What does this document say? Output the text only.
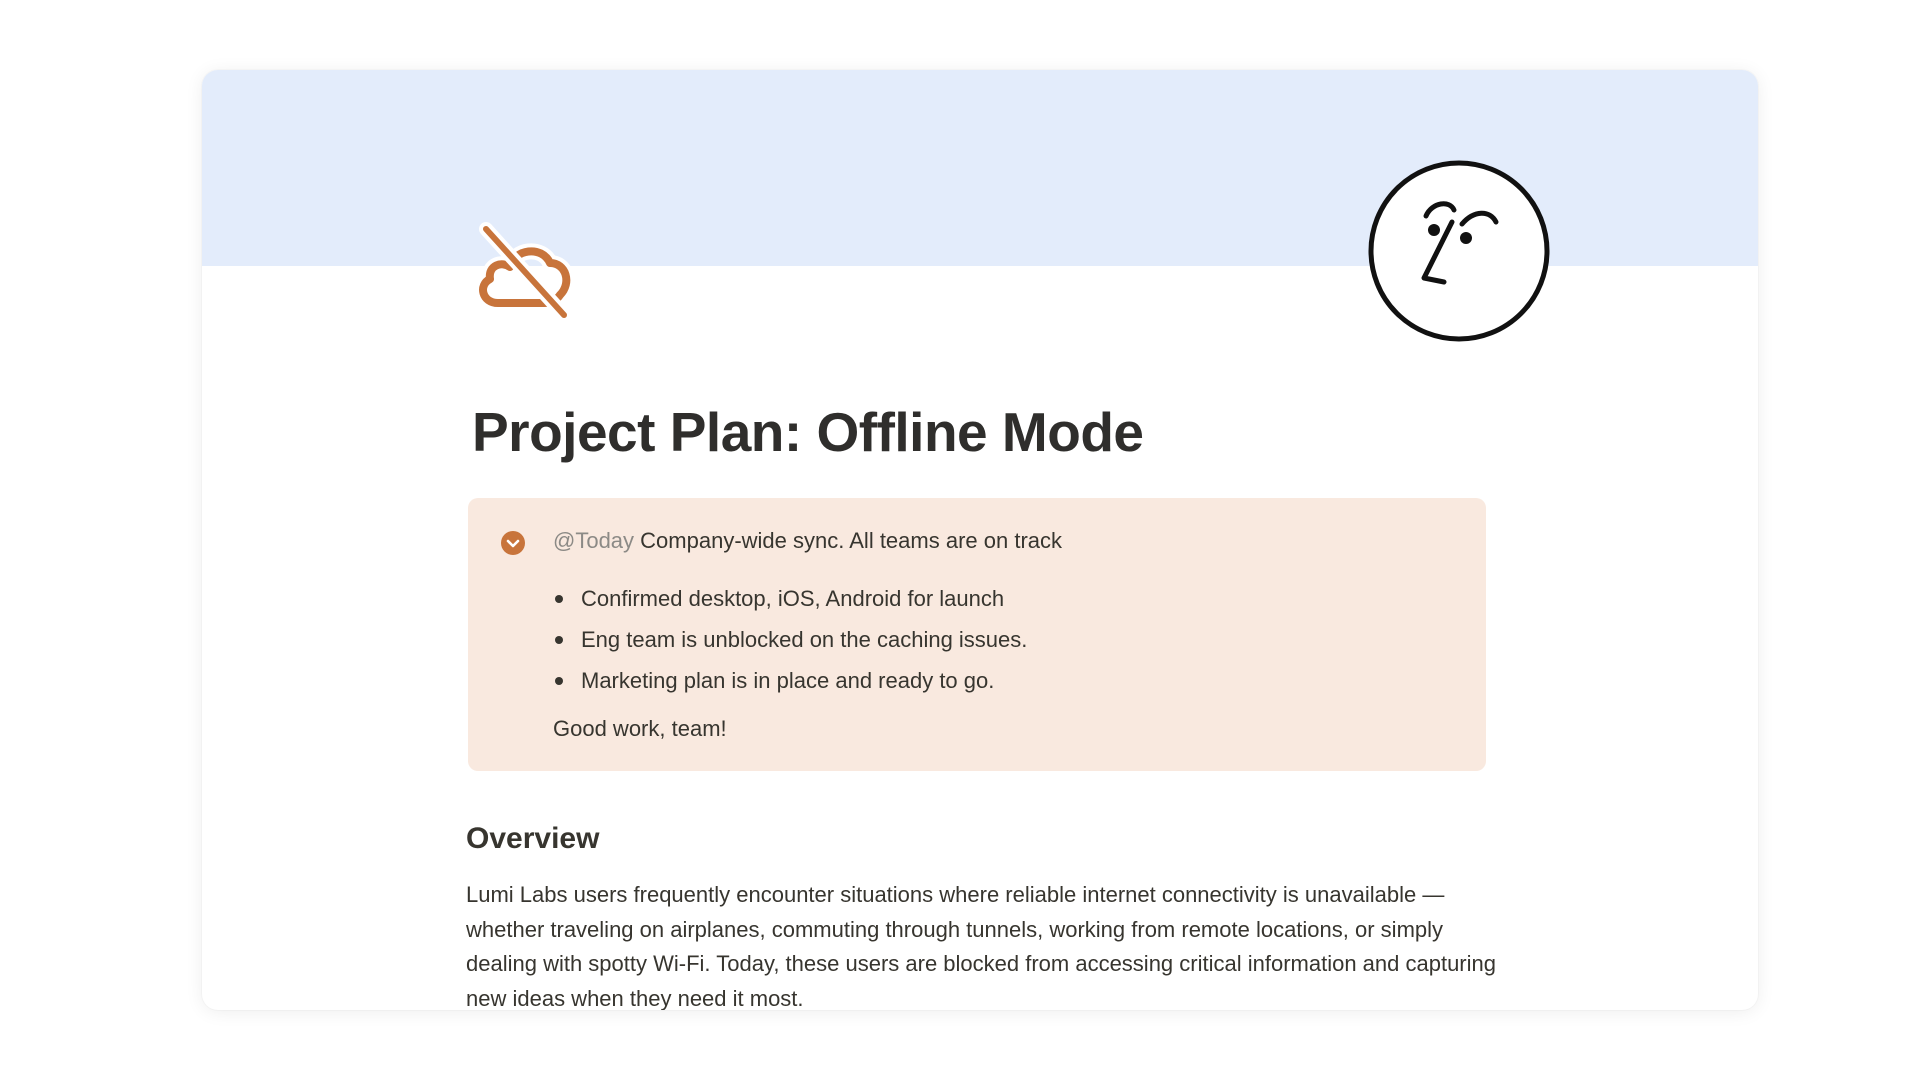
Project Plan: Offline Mode
@Today Company-wide sync. All teams are on track
Confirmed desktop, iOS, Android for launch
Eng team is unblocked on the caching issues.
Marketing plan is in place and ready to go.
Good work, team!
Overview

Lumi Labs users frequently encounter situations where reliable internet connectivity is unavailable — whether traveling on airplanes, commuting through tunnels, working from remote locations, or simply dealing with spotty Wi-Fi. Today, these users are blocked from accessing critical information and capturing new ideas when they need it most.
